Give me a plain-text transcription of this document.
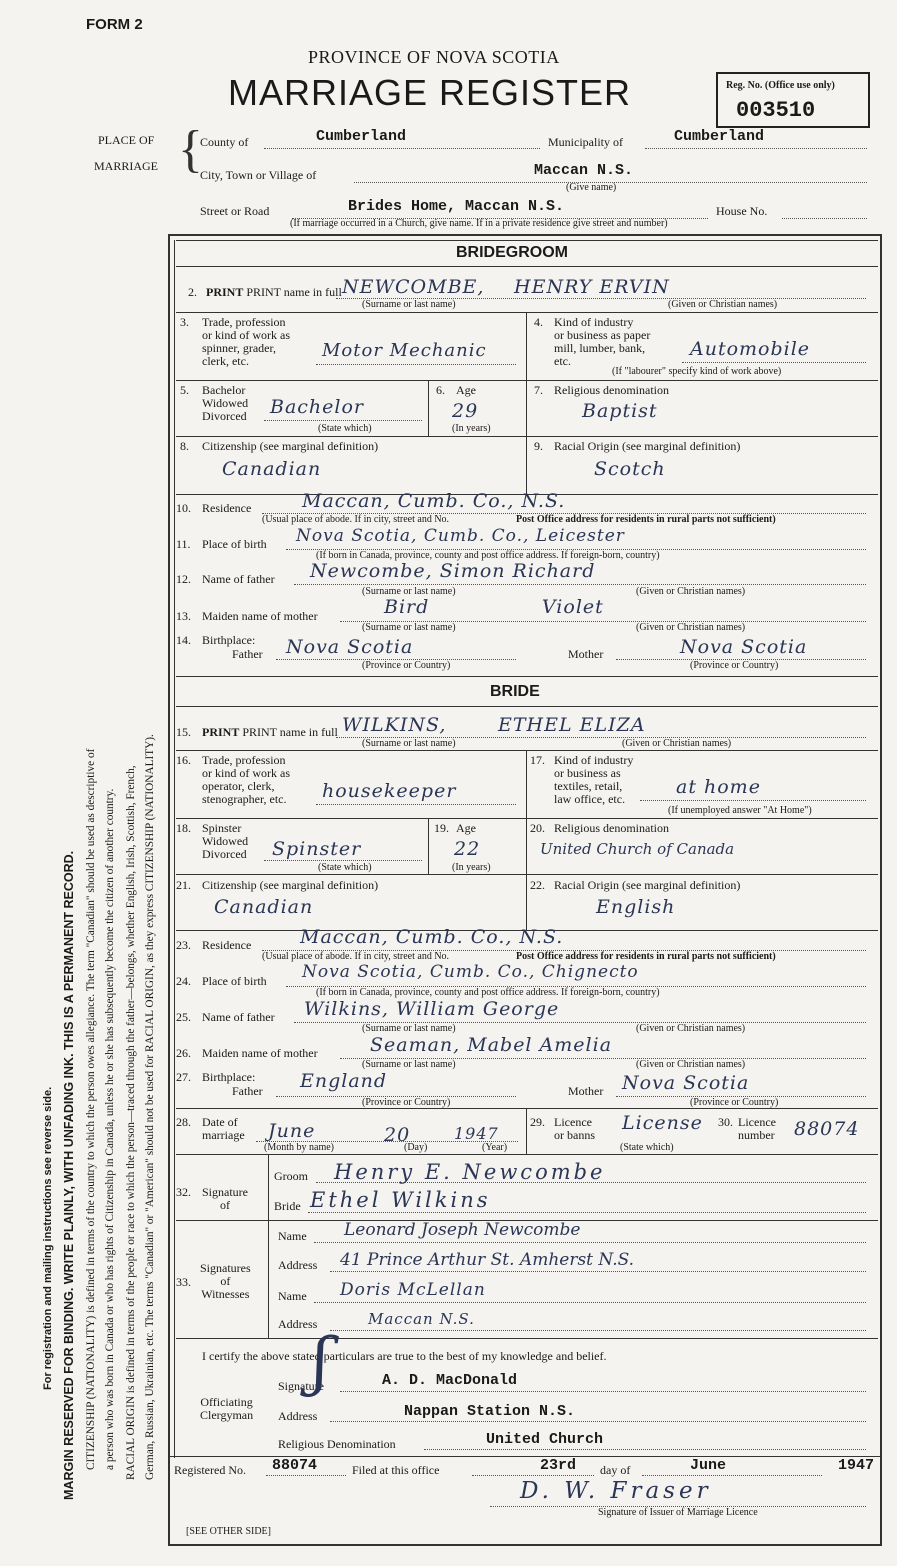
FORM 2
PROVINCE OF NOVA SCOTIA
MARRIAGE REGISTER	Reg. No. (Office use only)
003510
PLACE OF
MARRIAGE {
County of	Cumberland	Municipality of	Cumberland
City, Town or Village of	Maccan N.S.
(Give name)
Street or Road	Brides Home, Maccan N.S.	House No.
(If marriage occurred in a Church, give name. If in a private residence give street and number)
For registration and mailing instructions see reverse side. MARGIN RESERVED FOR BINDING. WRITE PLAINLY, WITH UNFADING INK. THIS IS A PERMANENT RECORD. CITIZENSHIP (NATIONALITY) is defined in terms of the country to which the person owes allegiance. The term "Canadian" should be used as descriptive of a person who was born in Canada or who has rights of Citizenship in Canada, unless he or she has subsequently become the citizen of another country. RACIAL ORIGIN is defined in terms of the people or race to which the person—traced through the father—belongs, whether English, Irish, Scottish, French, German, Russian, Ukrainian, etc. The terms "Canadian" or "American" should not be used for RACIAL ORIGIN, as they express CITIZENSHIP (NATIONALITY).
BRIDEGROOM
2. PRINT PRINT name in full NEWCOMBE, HENRY ERVIN
(Surname or last name)	(Given or Christian names)
3. Trade, profession
or kind of work as
spinner, grader,
clerk, etc.	Motor Mechanic
4. Kind of industry
or business as paper
mill, lumber, bank,
etc.
Automobile
(If "labourer" specify kind of work above)
5. Bachelor
Widowed
Divorced Bachelor
(State which)
6. Age
29
(In years)
7. Religious denomination
Baptist
8. Citizenship (see marginal definition)
Canadian
9. Racial Origin (see marginal definition)
Scotch
10. Residence	Maccan, Cumb. Co., N.S.
(Usual place of abode. If in city, street and No.	Post Office address for residents in rural parts not sufficient)
11. Place of birth Nova Scotia, Cumb. Co., Leicester
(If born in Canada, province, county and post office address. If foreign-born, country)
12. Name of father Newcombe, Simon Richard
(Surname or last name)	(Given or Christian names)
13. Maiden name of mother	Bird                Violet
(Surname or last name)	(Given or Christian names)
14. Birthplace:
Father Nova Scotia
(Province or Country)
Mother	Nova Scotia
(Province or Country)
BRIDE
15. PRINT PRINT name in full WILKINS,	ETHEL ELIZA
(Surname or last name)	(Given or Christian names)
16. Trade, profession
or kind of work as
operator, clerk,
stenographer, etc. housekeeper
17. Kind of industry
or business as
textiles, retail,
law office, etc.
at home
(If unemployed answer "At Home")
18. Spinster
Widowed
Divorced Spinster
(State which)
19. Age
22
(In years)
20. Religious denomination
United Church of Canada
21. Citizenship (see marginal definition)
Canadian
22. Racial Origin (see marginal definition)
English
23. Residence	Maccan, Cumb. Co., N.S.
(Usual place of abode. If in city, street and No.	Post Office address for residents in rural parts not sufficient)
24. Place of birth Nova Scotia, Cumb. Co., Chignecto
(If born in Canada, province, county and post office address. If foreign-born, country)
25. Name of father Wilkins, William George
(Surname or last name)	(Given or Christian names)
26. Maiden name of mother	Seaman, Mabel Amelia
(Surname or last name)	(Given or Christian names)
27. Birthplace:
Father England
(Province or Country)
Mother Nova Scotia
(Province or Country)
28. Date of
marriage June	20	1947
(Month by name)	(Day)	(Year)
29. Licence
or banns
License
(State which)
30. Licence
number 88074
32. Signature
of
Groom Henry E. Newcombe
Bride Ethel Wilkins
33.
Signatures
of
Witnesses
Name Leonard Joseph Newcombe
Address 41 Prince Arthur St. Amherst N.S.
Name Doris McLellan
Address	Maccan N.S.
I certify the above stated particulars are true to the best of my knowledge and belief.
Officiating
Clergyman
Signature	A. D. MacDonald
Address	Nappan Station N.S.
Religious Denomination	United Church
ʃ
Registered No. 88074	Filed at this office	23rd day of	June	1947
D. W. Fraser
Signature of Issuer of Marriage Licence
[SEE OTHER SIDE]
